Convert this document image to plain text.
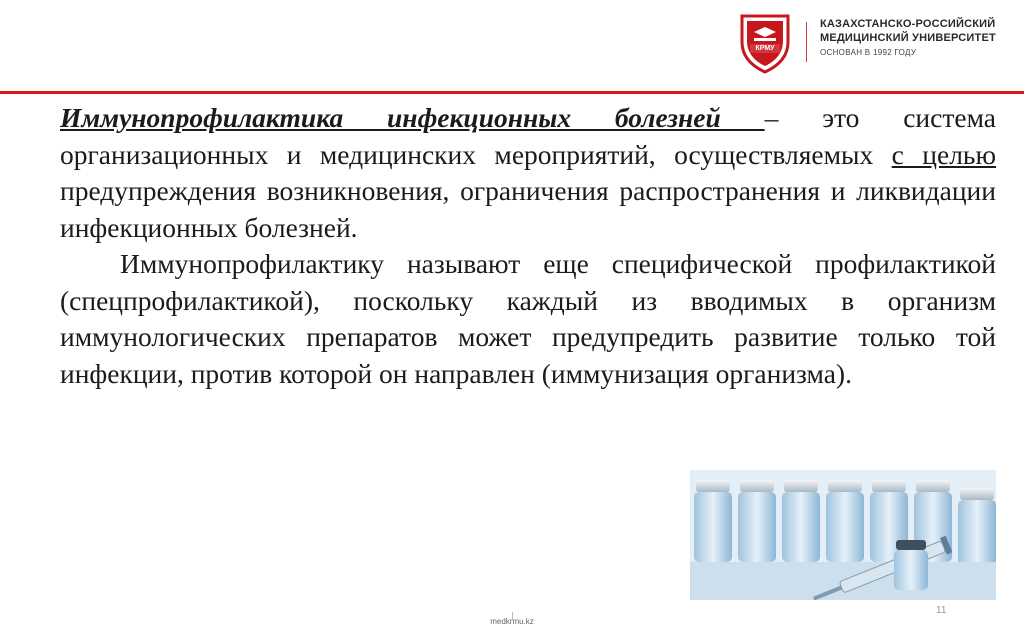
КРМУ
КАЗАХСТАНСКО-РОССИЙСКИЙ
МЕДИЦИНСКИЙ УНИВЕРСИТЕТ
ОСНОВАН В 1992 ГОДУ

Иммунопрофилактика инфекционных болезней – это система организационных и медицинских мероприятий, осуществляемых с целью предупреждения возникновения, ограничения распространения и ликвидации инфекционных болезней.

Иммунопрофилактику называют еще специфической профилактикой (спецпрофилактикой), поскольку каждый из вводимых в организм иммунологических препаратов может предупредить развитие только той инфекции, против которой он направлен (иммунизация организма).

medkrmu.kz
11
